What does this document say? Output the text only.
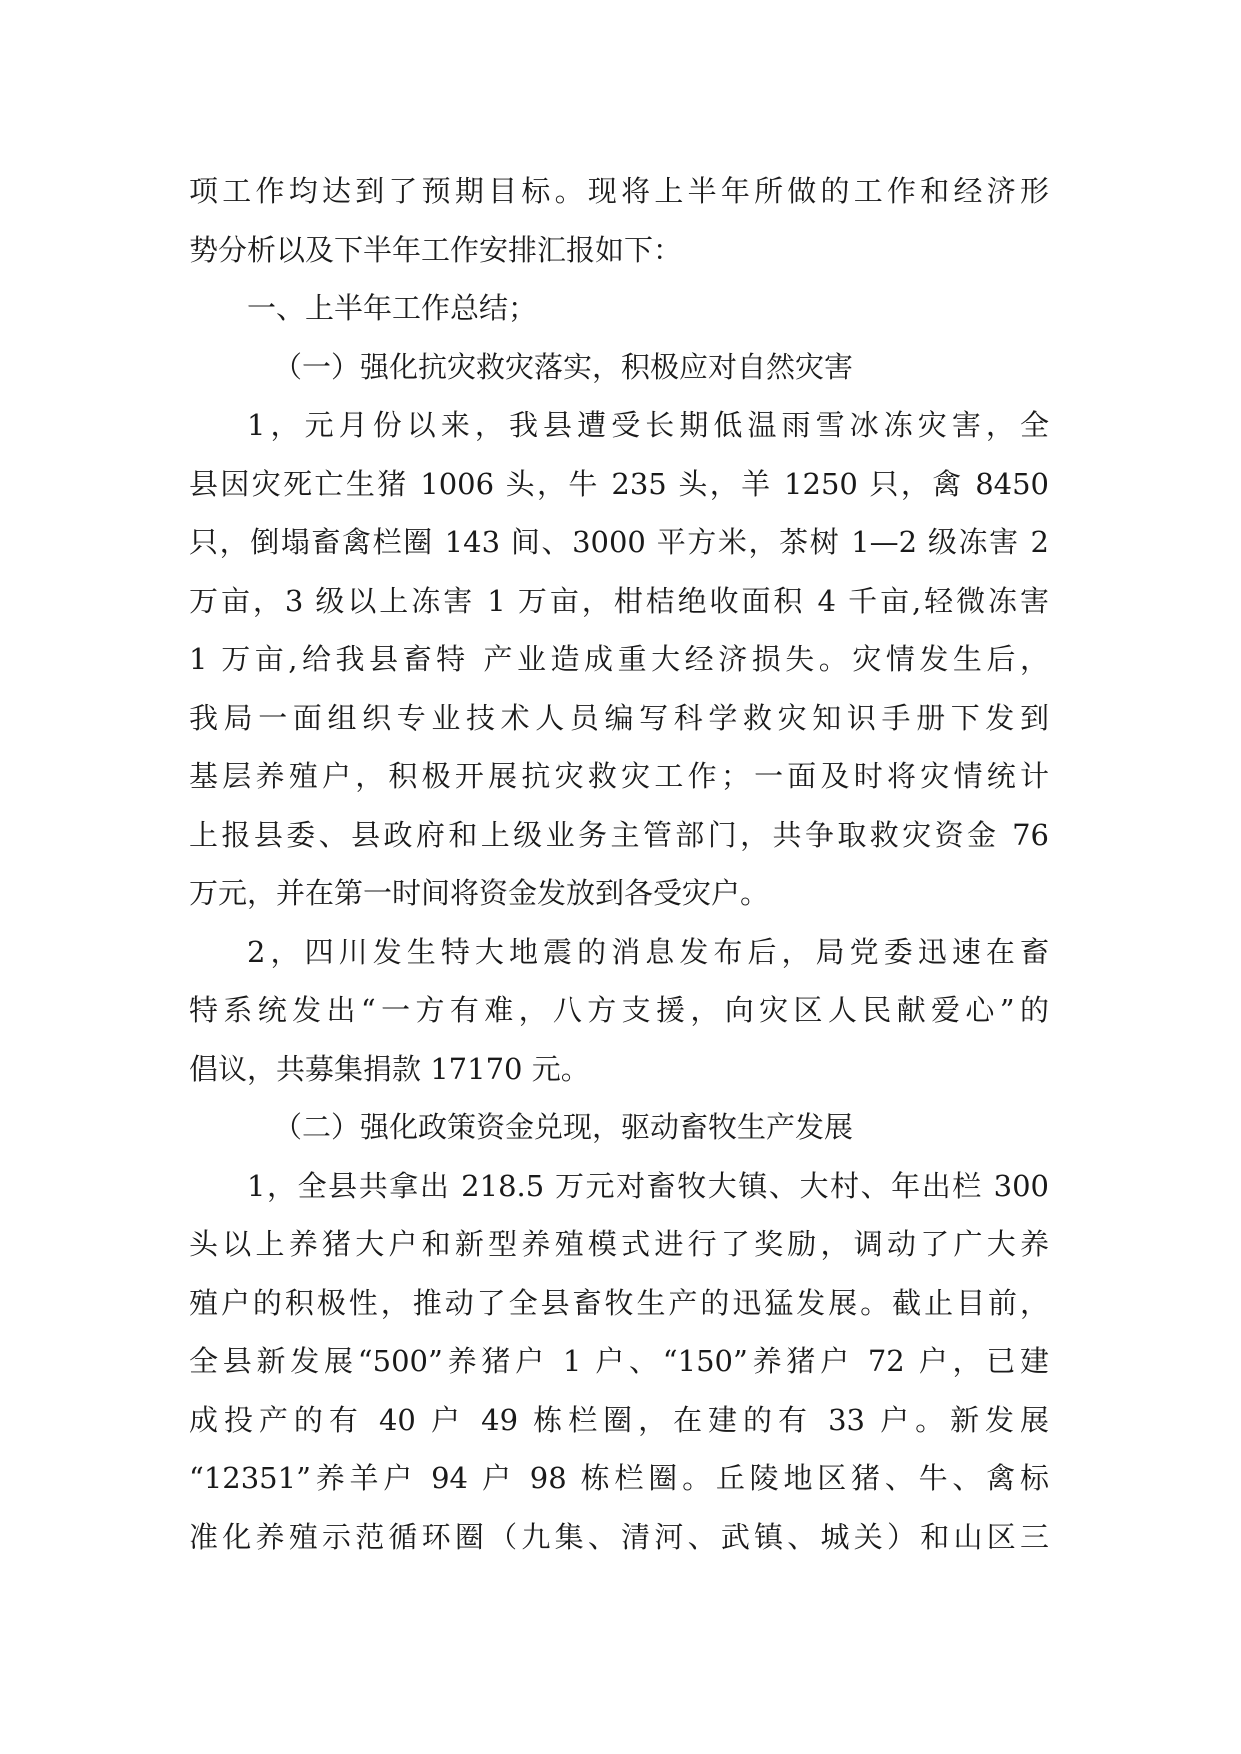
项工作均达到了预期目标。现将上半年所做的工作和经济形
势分析以及下半年工作安排汇报如下：
一、上半年工作总结；
（一）强化抗灾救灾落实，积极应对自然灾害
1，元月份以来，我县遭受长期低温雨雪冰冻灾害，全
县因灾死亡生猪 1006 头，牛 235 头，羊 1250 只，禽 8450
只，倒塌畜禽栏圈 143 间、3000 平方米，茶树 1—2 级冻害 2
万亩，3 级以上冻害 1 万亩，柑桔绝收面积 4 千亩,轻微冻害
1 万亩,给我县畜特 产业造成重大经济损失。灾情发生后，
我局一面组织专业技术人员编写科学救灾知识手册下发到
基层养殖户，积极开展抗灾救灾工作；一面及时将灾情统计
上报县委、县政府和上级业务主管部门，共争取救灾资金 76
万元，并在第一时间将资金发放到各受灾户。
2，四川发生特大地震的消息发布后，局党委迅速在畜
特系统发出“一方有难，八方支援，向灾区人民献爱心”的
倡议，共募集捐款 17170 元。
（二）强化政策资金兑现，驱动畜牧生产发展
1，全县共拿出 218.5 万元对畜牧大镇、大村、年出栏 300
头以上养猪大户和新型养殖模式进行了奖励，调动了广大养
殖户的积极性，推动了全县畜牧生产的迅猛发展。截止目前，
全县新发展“500”养猪户 1 户、“150”养猪户 72 户，已建
成投产的有 40 户 49 栋栏圈，在建的有 33 户。新发展
“12351”养羊户 94 户 98 栋栏圈。丘陵地区猪、牛、禽标
准化养殖示范循环圈（九集、清河、武镇、城关）和山区三
